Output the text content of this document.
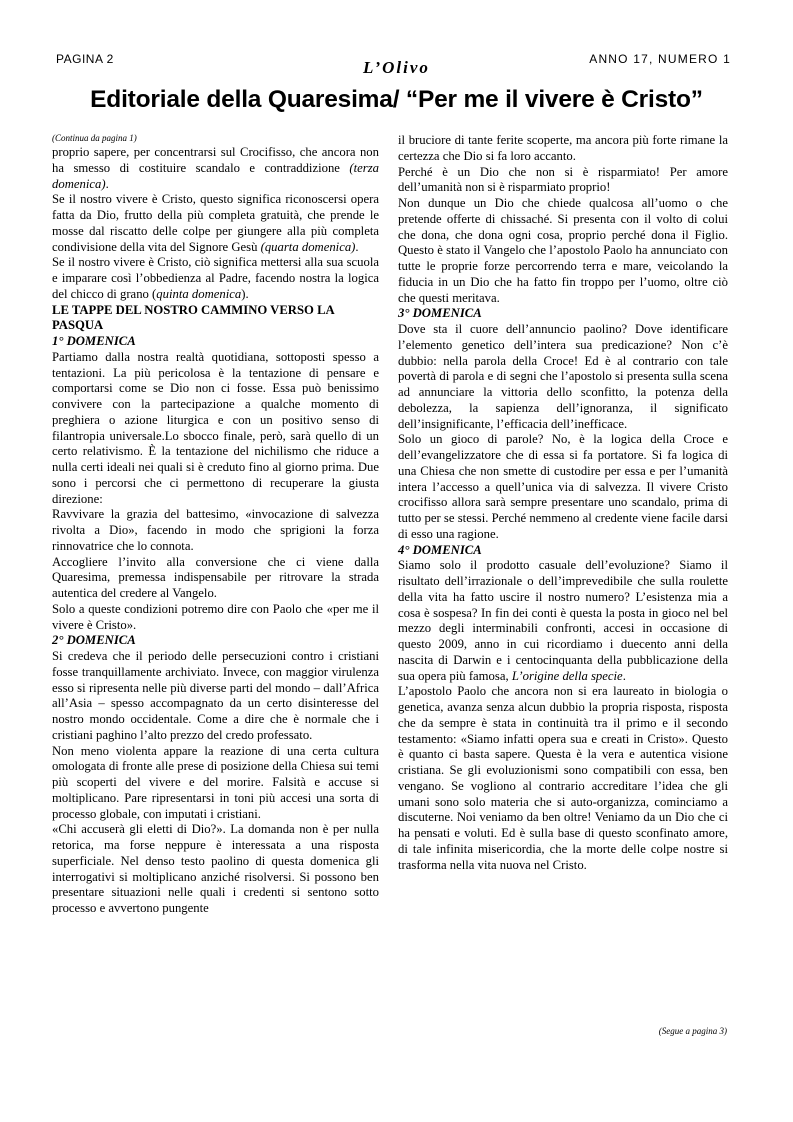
PAGINA 2	L’Olivo	ANNO 17, NUMERO 1
Editoriale della Quaresima/ “Per me il vivere è Cristo”

(Continua da pagina 1)

proprio sapere, per concentrarsi sul Crocifisso, che ancora non ha smesso di costituire scandalo e contraddizione (terza domenica).

Se il nostro vivere è Cristo, questo significa riconoscersi opera fatta da Dio, frutto della più completa gratuità, che prende le mosse dal riscatto delle colpe per giungere alla più completa condivisione della vita del Signore Gesù (quarta domenica).

Se il nostro vivere è Cristo, ciò significa mettersi alla sua scuola e imparare così l’obbedienza al Padre, facendo nostra la logica del chicco di grano (quinta domenica).

LE TAPPE DEL NOSTRO CAMMINO VERSO LA PASQUA

1° DOMENICA

Partiamo dalla nostra realtà quotidiana, sottoposti spesso a tentazioni. La più pericolosa è la tentazione di pensare e comportarsi come se Dio non ci fosse. Essa può benissimo convivere con la partecipazione a qualche momento di preghiera o azione liturgica e con un positivo senso di filantropia universale.Lo sbocco finale, però, sarà quello di un certo relativismo. È la tentazione del nichilismo che riduce a nulla certi ideali nei quali si è creduto fino al giorno prima. Due sono i percorsi che ci permettono di recuperare la giusta direzione:

Ravvivare la grazia del battesimo, «invocazione di salvezza rivolta a Dio», facendo in modo che sprigioni la forza rinnovatrice che lo connota.

Accogliere l’invito alla conversione che ci viene dalla Quaresima, premessa indispensabile per ritrovare la strada autentica del credere al Vangelo.

Solo a queste condizioni potremo dire con Paolo che «per me il vivere è Cristo».

2° DOMENICA

Si credeva che il periodo delle persecuzioni contro i cristiani fosse tranquillamente archiviato. Invece, con maggior virulenza esso si ripresenta nelle più diverse parti del mondo – dall’Africa all’Asia – spesso accompagnato da un certo disinteresse del nostro mondo occidentale. Come a dire che è normale che i cristiani paghino l’alto prezzo del credo professato.

Non meno violenta appare la reazione di una certa cultura omologata di fronte alle prese di posizione della Chiesa sui temi più scoperti del vivere e del morire. Falsità e accuse si moltiplicano. Pare ripresentarsi in toni più accesi una sorta di processo globale, con imputati i cristiani.

«Chi accuserà gli eletti di Dio?». La domanda non è per nulla retorica, ma forse neppure è interessata a una risposta superficiale. Nel denso testo paolino di questa domenica gli interrogativi si moltiplicano anziché risolversi. Si possono ben presentare situazioni nelle quali i credenti si sentono sotto processo e avvertono pungente

il bruciore di tante ferite scoperte, ma ancora più forte rimane la certezza che Dio si fa loro accanto.

Perché è un Dio che non si è risparmiato! Per amore dell’umanità non si è risparmiato proprio!

Non dunque un Dio che chiede qualcosa all’uomo o che pretende offerte di chissaché. Si presenta con il volto di colui che dona, che dona ogni cosa, proprio perché dona il Figlio. Questo è stato il Vangelo che l’apostolo Paolo ha annunciato con tutte le proprie forze percorrendo terra e mare, veicolando la fiducia in un Dio che ha fatto fin troppo per l’uomo, oltre ciò che questi meritava.

3° DOMENICA

Dove sta il cuore dell’annuncio paolino? Dove identificare l’elemento genetico dell’intera sua predicazione? Non c’è dubbio: nella parola della Croce! Ed è al contrario con tale povertà di parola e di segni che l’apostolo si presenta sulla scena ad annunciare la vittoria dello sconfitto, la potenza della debolezza, la sapienza dell’ignoranza, il significato dell’insignificante, l’efficacia dell’inefficace.

Solo un gioco di parole? No, è la logica della Croce e dell’evangelizzatore che di essa si fa portatore. Si fa logica di una Chiesa che non smette di custodire per essa e per l’umanità intera l’accesso a quell’unica via di salvezza. Il vivere Cristo crocifisso allora sarà sempre presentare uno scandalo, prima di tutto per se stessi. Perché nemmeno al credente viene facile darsi di esso una ragione.

4° DOMENICA

Siamo solo il prodotto casuale dell’evoluzione? Siamo il risultato dell’irrazionale o dell’imprevedibile che sulla roulette della vita ha fatto uscire il nostro numero? L’esistenza mia a cosa è sospesa? In fin dei conti è questa la posta in gioco nel bel mezzo degli interminabili confronti, accesi in occasione di questo 2009, anno in cui ricordiamo i duecento anni della nascita di Darwin e i centocinquanta della pubblicazione della sua opera più famosa, L’origine della specie.

L’apostolo Paolo che ancora non si era laureato in biologia o genetica, avanza senza alcun dubbio la propria risposta, risposta che da sempre è stata in continuità tra il primo e il secondo testamento: «Siamo infatti opera sua e creati in Cristo». Questo è quanto ci basta sapere. Questa è la vera e autentica visione cristiana. Se gli evoluzionismi sono compatibili con essa, ben vengano. Se vogliono al contrario accreditare l’idea che gli umani sono solo materia che si auto-organizza, cominciamo a discuterne. Noi veniamo da ben oltre! Veniamo da un Dio che ci ha pensati e voluti. Ed è sulla base di questo sconfinato amore, di tale infinita misericordia, che la morte delle colpe nostre si trasforma nella vita nuova nel Cristo.

(Segue a pagina 3)
